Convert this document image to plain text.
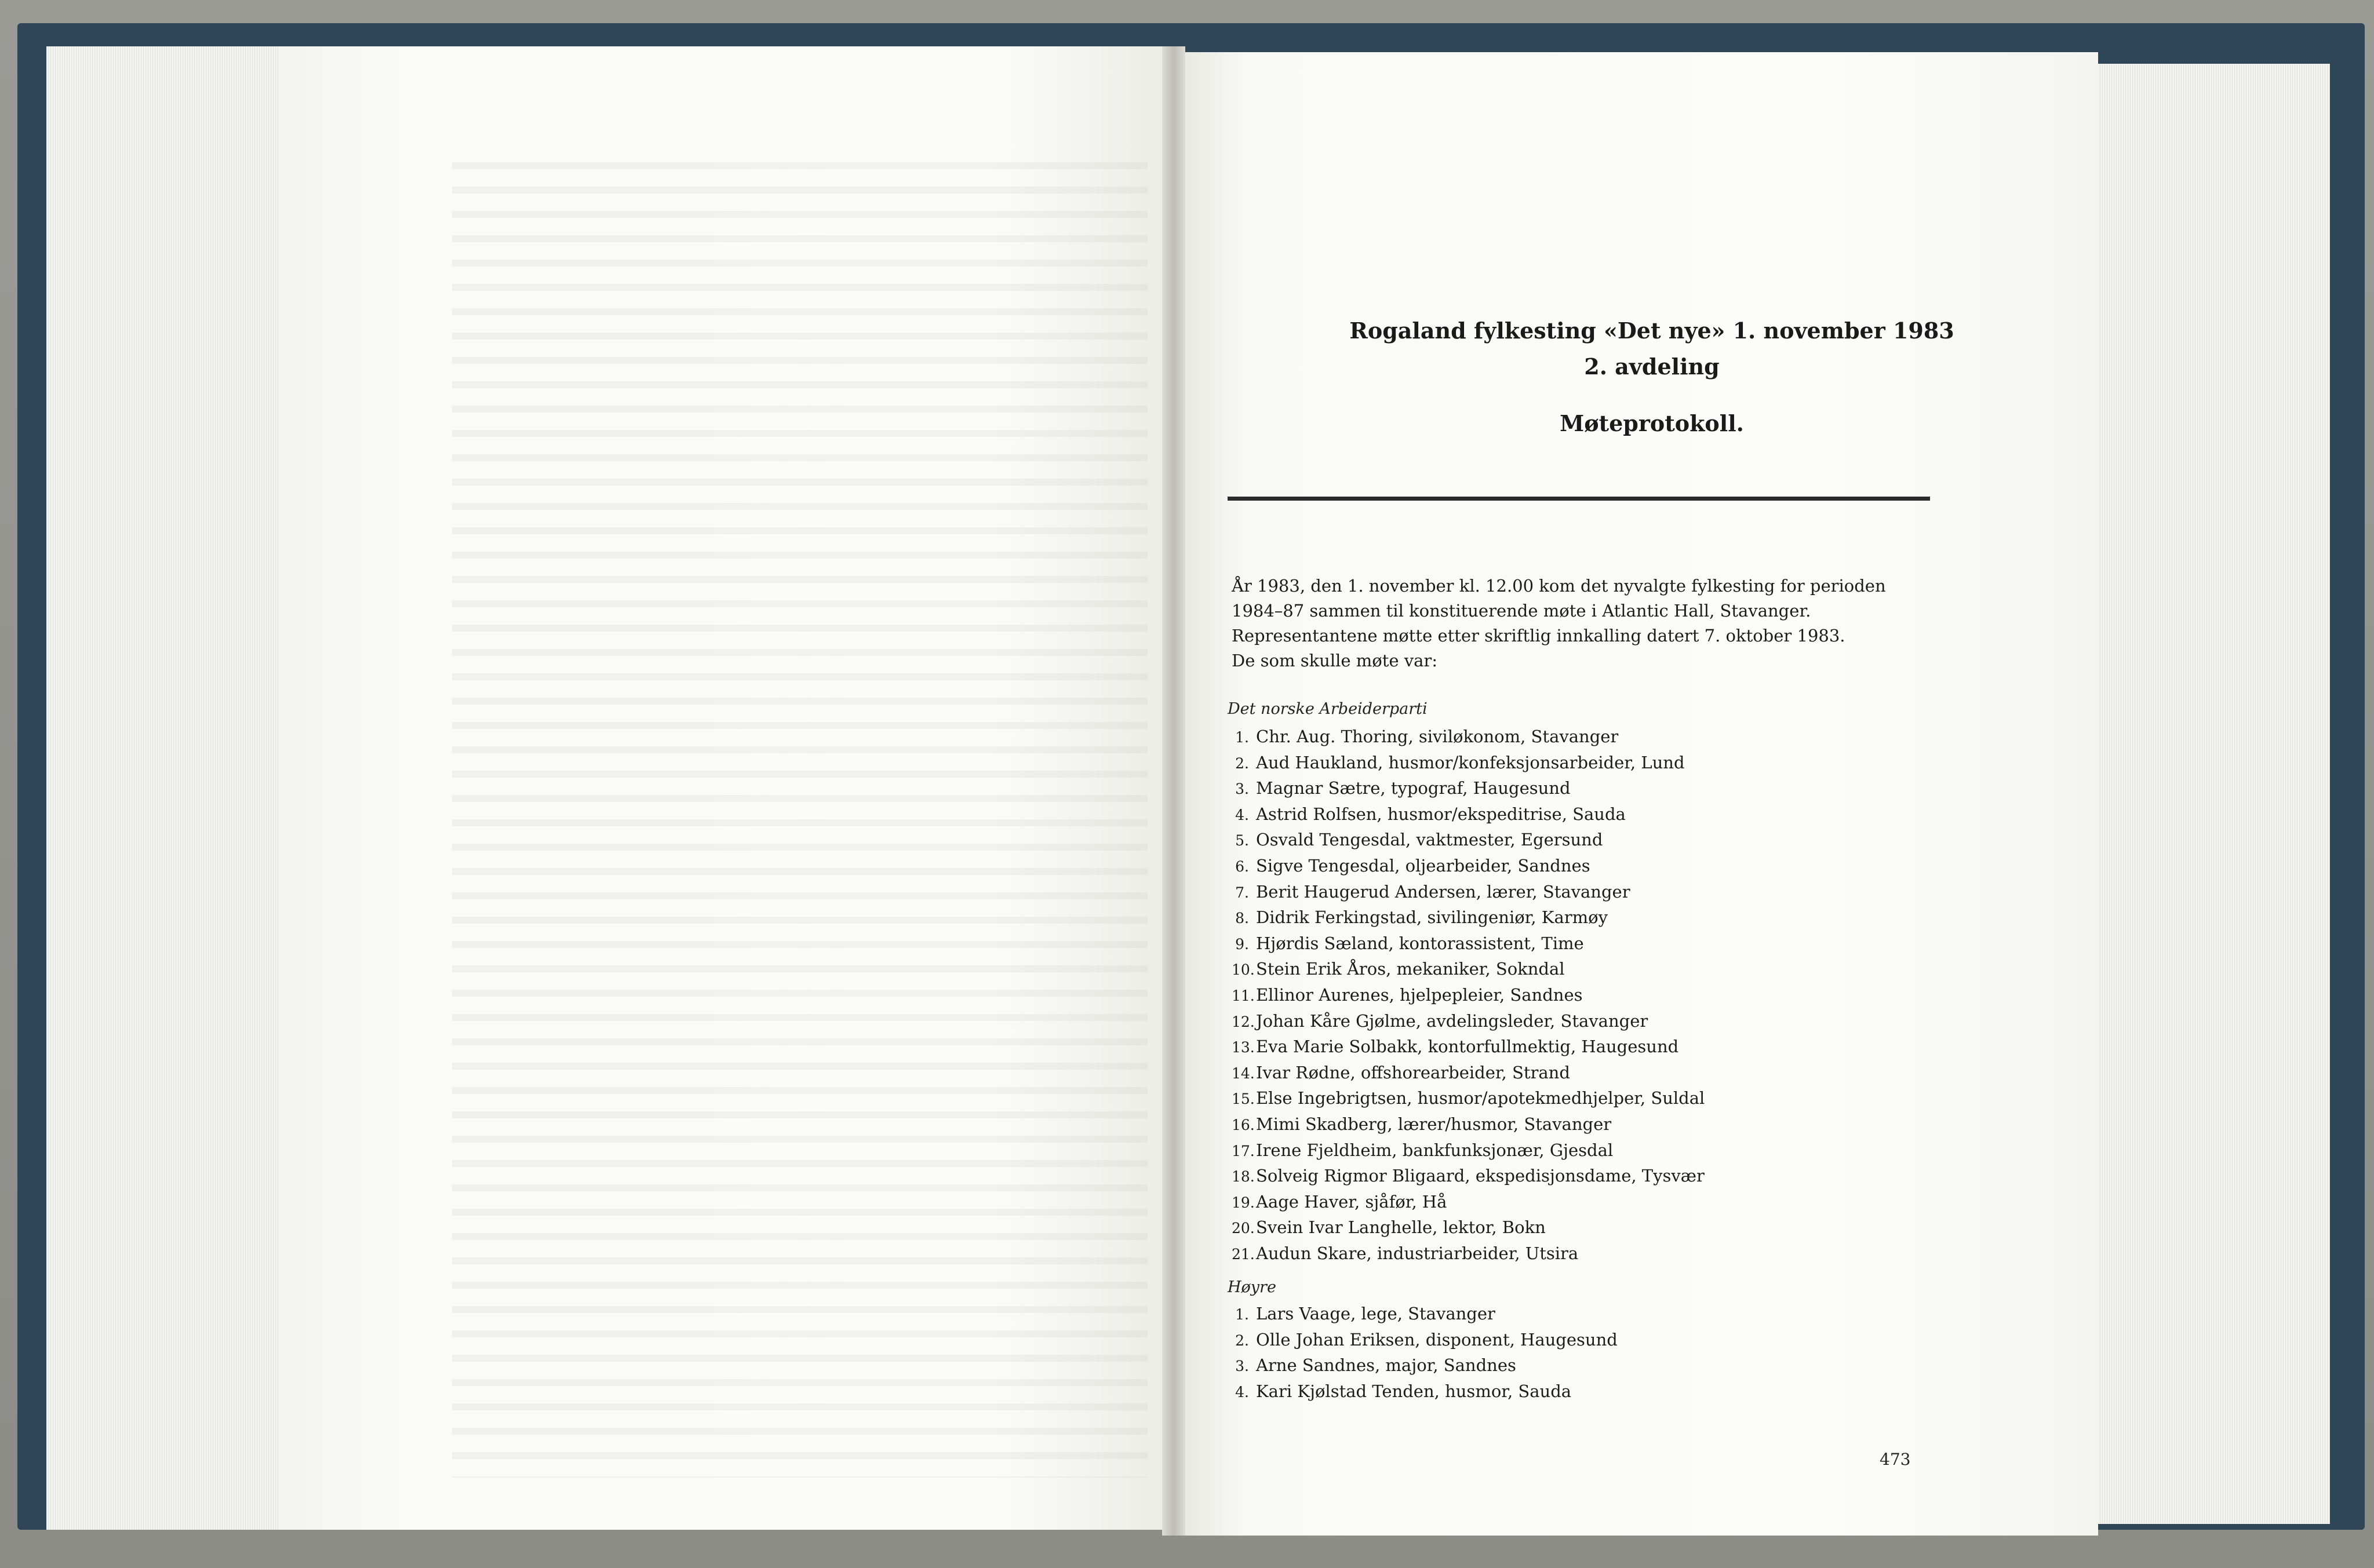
Rogaland fylkesting «Det nye» 1. november 1983
2. avdeling
Møteprotokoll.

År 1983, den 1. november kl. 12.00 kom det nyvalgte fylkesting for perioden

1984–87 sammen til konstituerende møte i Atlantic Hall, Stavanger.

Representantene møtte etter skriftlig innkalling datert 7. oktober 1983.

De som skulle møte var:

Det norske Arbeiderparti
1. Chr. Aug. Thoring, siviløkonom, Stavanger
2. Aud Haukland, husmor/konfeksjonsarbeider, Lund
3. Magnar Sætre, typograf, Haugesund
4. Astrid Rolfsen, husmor/ekspeditrise, Sauda
5. Osvald Tengesdal, vaktmester, Egersund
6. Sigve Tengesdal, oljearbeider, Sandnes
7. Berit Haugerud Andersen, lærer, Stavanger
8. Didrik Ferkingstad, sivilingeniør, Karmøy
9. Hjørdis Sæland, kontorassistent, Time
10.Stein Erik Åros, mekaniker, Sokndal
11.Ellinor Aurenes, hjelpepleier, Sandnes
12.Johan Kåre Gjølme, avdelingsleder, Stavanger
13.Eva Marie Solbakk, kontorfullmektig, Haugesund
14.Ivar Rødne, offshorearbeider, Strand
15.Else Ingebrigtsen, husmor/apotekmedhjelper, Suldal
16.Mimi Skadberg, lærer/husmor, Stavanger
17.Irene Fjeldheim, bankfunksjonær, Gjesdal
18.Solveig Rigmor Bligaard, ekspedisjonsdame, Tysvær
19.Aage Haver, sjåfør, Hå
20.Svein Ivar Langhelle, lektor, Bokn
21.Audun Skare, industriarbeider, Utsira
Høyre
1. Lars Vaage, lege, Stavanger
2. Olle Johan Eriksen, disponent, Haugesund
3. Arne Sandnes, major, Sandnes
4. Kari Kjølstad Tenden, husmor, Sauda
473
